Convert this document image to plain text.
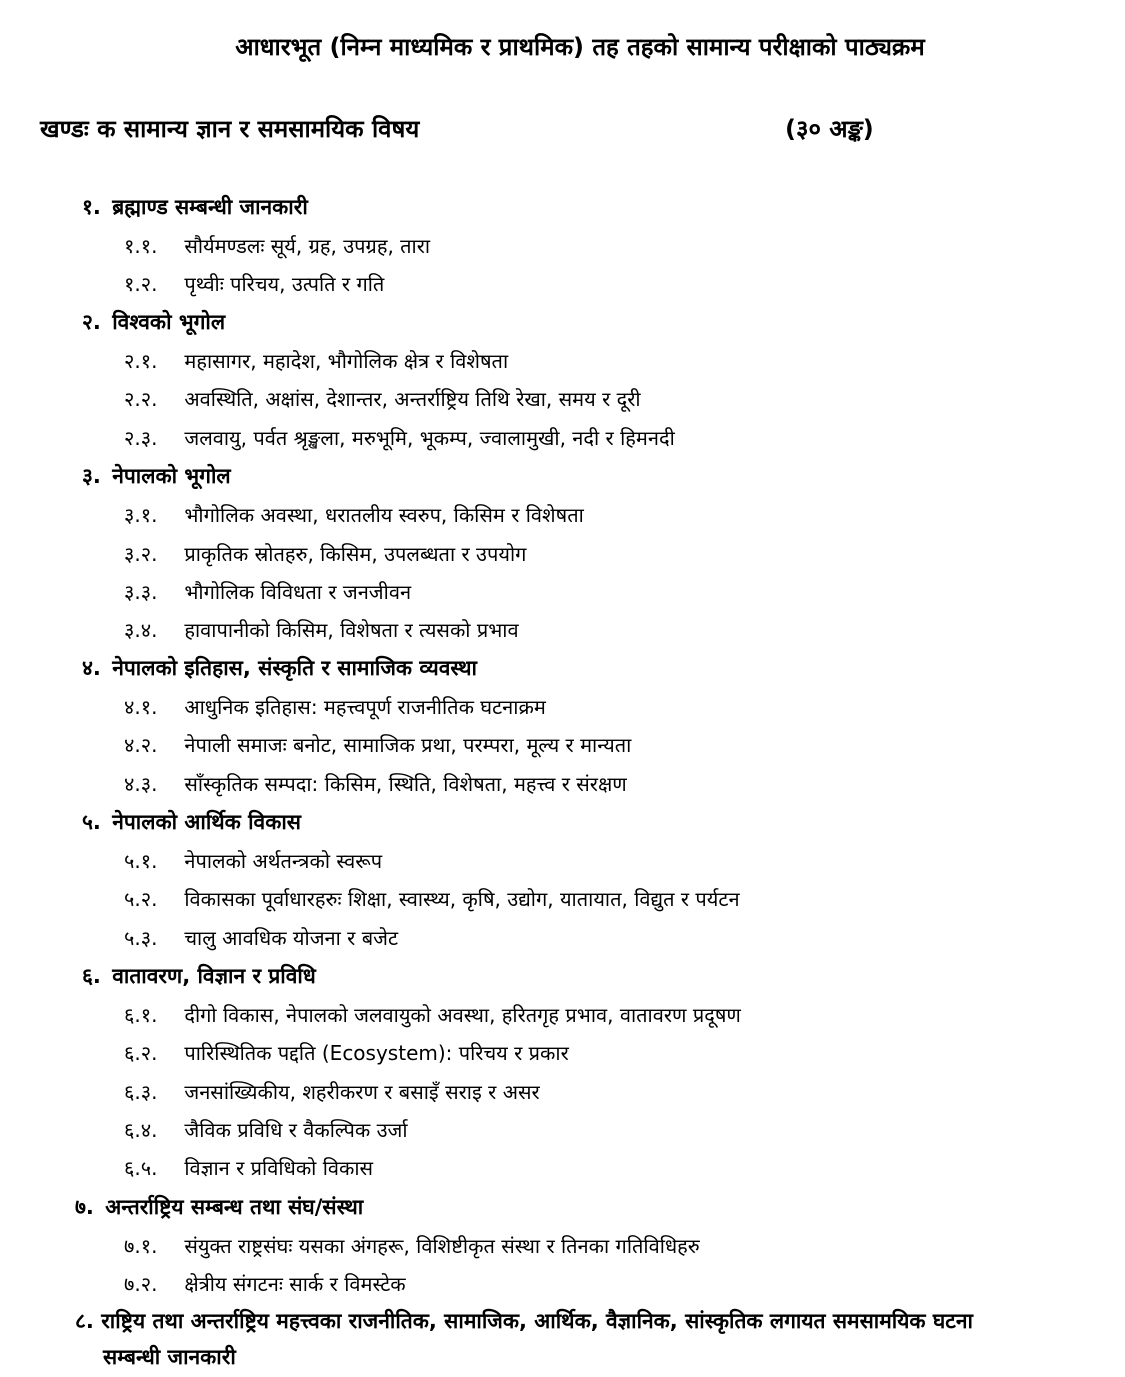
आधारभूत (निम्न माध्यमिक र प्राथमिक) तह तहको सामान्य परीक्षाको पाठ्यक्रम
खण्डः क सामान्य ज्ञान र समसामयिक विषय	(३० अङ्क)
१. ब्रह्माण्ड सम्बन्धी जानकारी
१.१. सौर्यमण्डलः सूर्य, ग्रह, उपग्रह, तारा
१.२. पृथ्वीः परिचय, उत्पति र गति
२. विश्वको भूगोल
२.१. महासागर, महादेश, भौगोलिक क्षेत्र र विशेषता
२.२. अवस्थिति, अक्षांस, देशान्तर, अन्तर्राष्ट्रिय तिथि रेखा, समय र दूरी
२.३. जलवायु, पर्वत श्रृङ्खला, मरुभूमि, भूकम्प, ज्वालामुखी, नदी र हिमनदी
३. नेपालको भूगोल
३.१. भौगोलिक अवस्था, धरातलीय स्वरुप, किसिम र विशेषता
३.२. प्राकृतिक स्रोतहरु, किसिम, उपलब्धता र उपयोग
३.३. भौगोलिक विविधता र जनजीवन
३.४. हावापानीको किसिम, विशेषता र त्यसको प्रभाव
४. नेपालको इतिहास, संस्कृति र सामाजिक व्यवस्था
४.१. आधुनिक इतिहास: महत्त्वपूर्ण राजनीतिक घटनाक्रम
४.२. नेपाली समाजः बनोट, सामाजिक प्रथा, परम्परा, मूल्य र मान्यता
४.३. साँस्कृतिक सम्पदा: किसिम, स्थिति, विशेषता, महत्त्व र संरक्षण
५. नेपालको आर्थिक विकास
५.१. नेपालको अर्थतन्त्रको स्वरूप
५.२. विकासका पूर्वाधारहरुः शिक्षा, स्वास्थ्य, कृषि, उद्योग, यातायात, विद्युत र पर्यटन
५.३. चालु आवधिक योजना र बजेट
६. वातावरण, विज्ञान र प्रविधि
६.१. दीगो विकास, नेपालको जलवायुको अवस्था, हरितगृह प्रभाव, वातावरण प्रदूषण
६.२. पारिस्थितिक पद्दति (Ecosystem): परिचय र प्रकार
६.३. जनसांख्यिकीय, शहरीकरण र बसाइँ सराइ र असर
६.४. जैविक प्रविधि र वैकल्पिक उर्जा
६.५. विज्ञान र प्रविधिको विकास
७. अन्तर्राष्ट्रिय सम्बन्ध तथा संघ/संस्था
७.१. संयुक्त राष्ट्रसंघः यसका अंगहरू, विशिष्टीकृत संस्था र तिनका गतिविधिहरु
७.२. क्षेत्रीय संगटनः सार्क र विमस्टेक
८. राष्ट्रिय तथा अन्तर्राष्ट्रिय महत्त्वका राजनीतिक, सामाजिक, आर्थिक, वैज्ञानिक, सांस्कृतिक लगायत समसामयिक घटना
सम्बन्धी जानकारी
